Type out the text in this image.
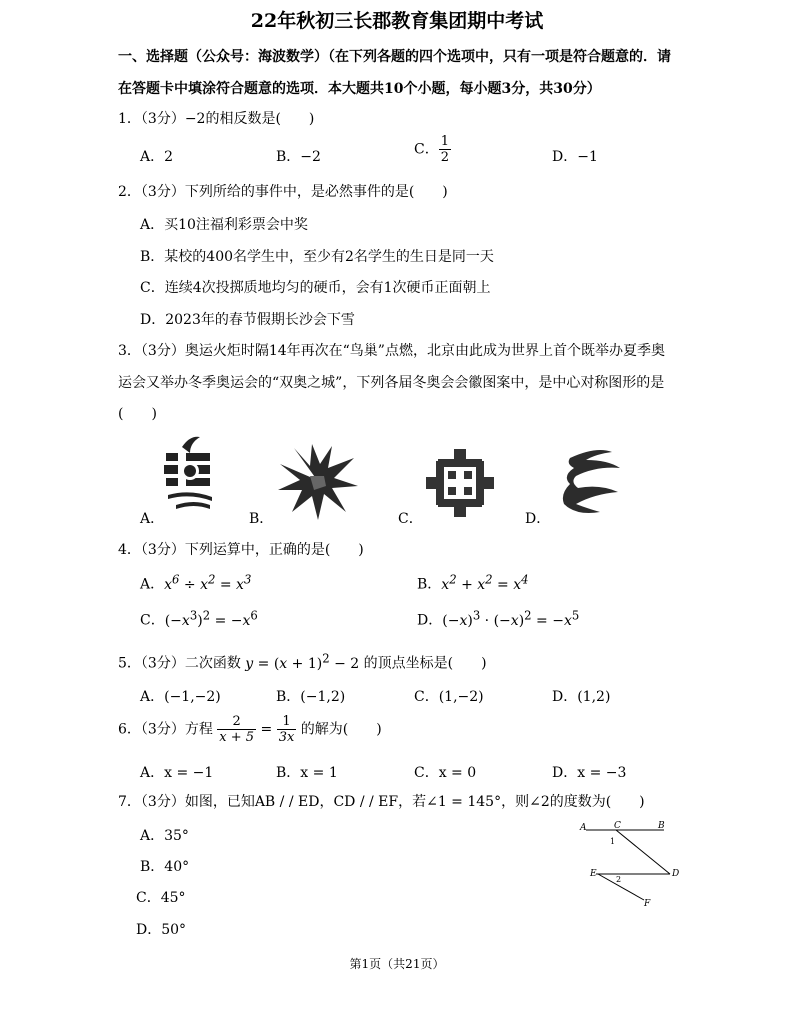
22年秋初三长郡教育集团期中考试
一、选择题（公众号：海波数学）（在下列各题的四个选项中，只有一项是符合题意的．请
在答题卡中填涂符合题意的选项．本大题共10个小题，每小题3分，共30分）
1．（3分）−2的相反数是(　　)
A．2	B．−2	C． $\frac{1}{2}$	D．−1
2．（3分）下列所给的事件中，是必然事件的是(　　)
A．买10注福利彩票会中奖
B．某校的400名学生中，至少有2名学生的生日是同一天
C．连续4次投掷质地均匀的硬币，会有1次硬币正面朝上
D．2023年的春节假期长沙会下雪
3．（3分）奥运火炬时隔14年再次在“鸟巢”点燃，北京由此成为世界上首个既举办夏季奥
运会又举办冬季奥运会的“双奥之城”，下列各届冬奥会会徽图案中，是中心对称图形的是
(　　)
A．	B．	C．	D．
4．（3分）下列运算中，正确的是(　　)
A．$x^6 \div x^2 = x^3$	B．$x^2 + x^2 = x^4$
C．$(-x^3)^2 = -x^6$	D．$(-x)^3 \cdot (-x)^2 = -x^5$
5．（3分）二次函数 $y = (x + 1)^2 - 2$ 的顶点坐标是(　　)
A．(−1,−2)	B．(−1,2)	C．(1,−2)	D．(1,2)
6．（3分）方程 $\frac{2}{x + 5} = \frac{1}{3x}$ 的解为(　　)
A．x = −1	B．x = 1	C．x = 0	D．x = −3
7．（3分）如图，已知AB / / ED，CD / / EF，若∠1 = 145°，则∠2的度数为(　　)
A．35°
B．40°
C．45°
D．50°
A	C	B
1
E
2
D
F
第1页（共21页）
